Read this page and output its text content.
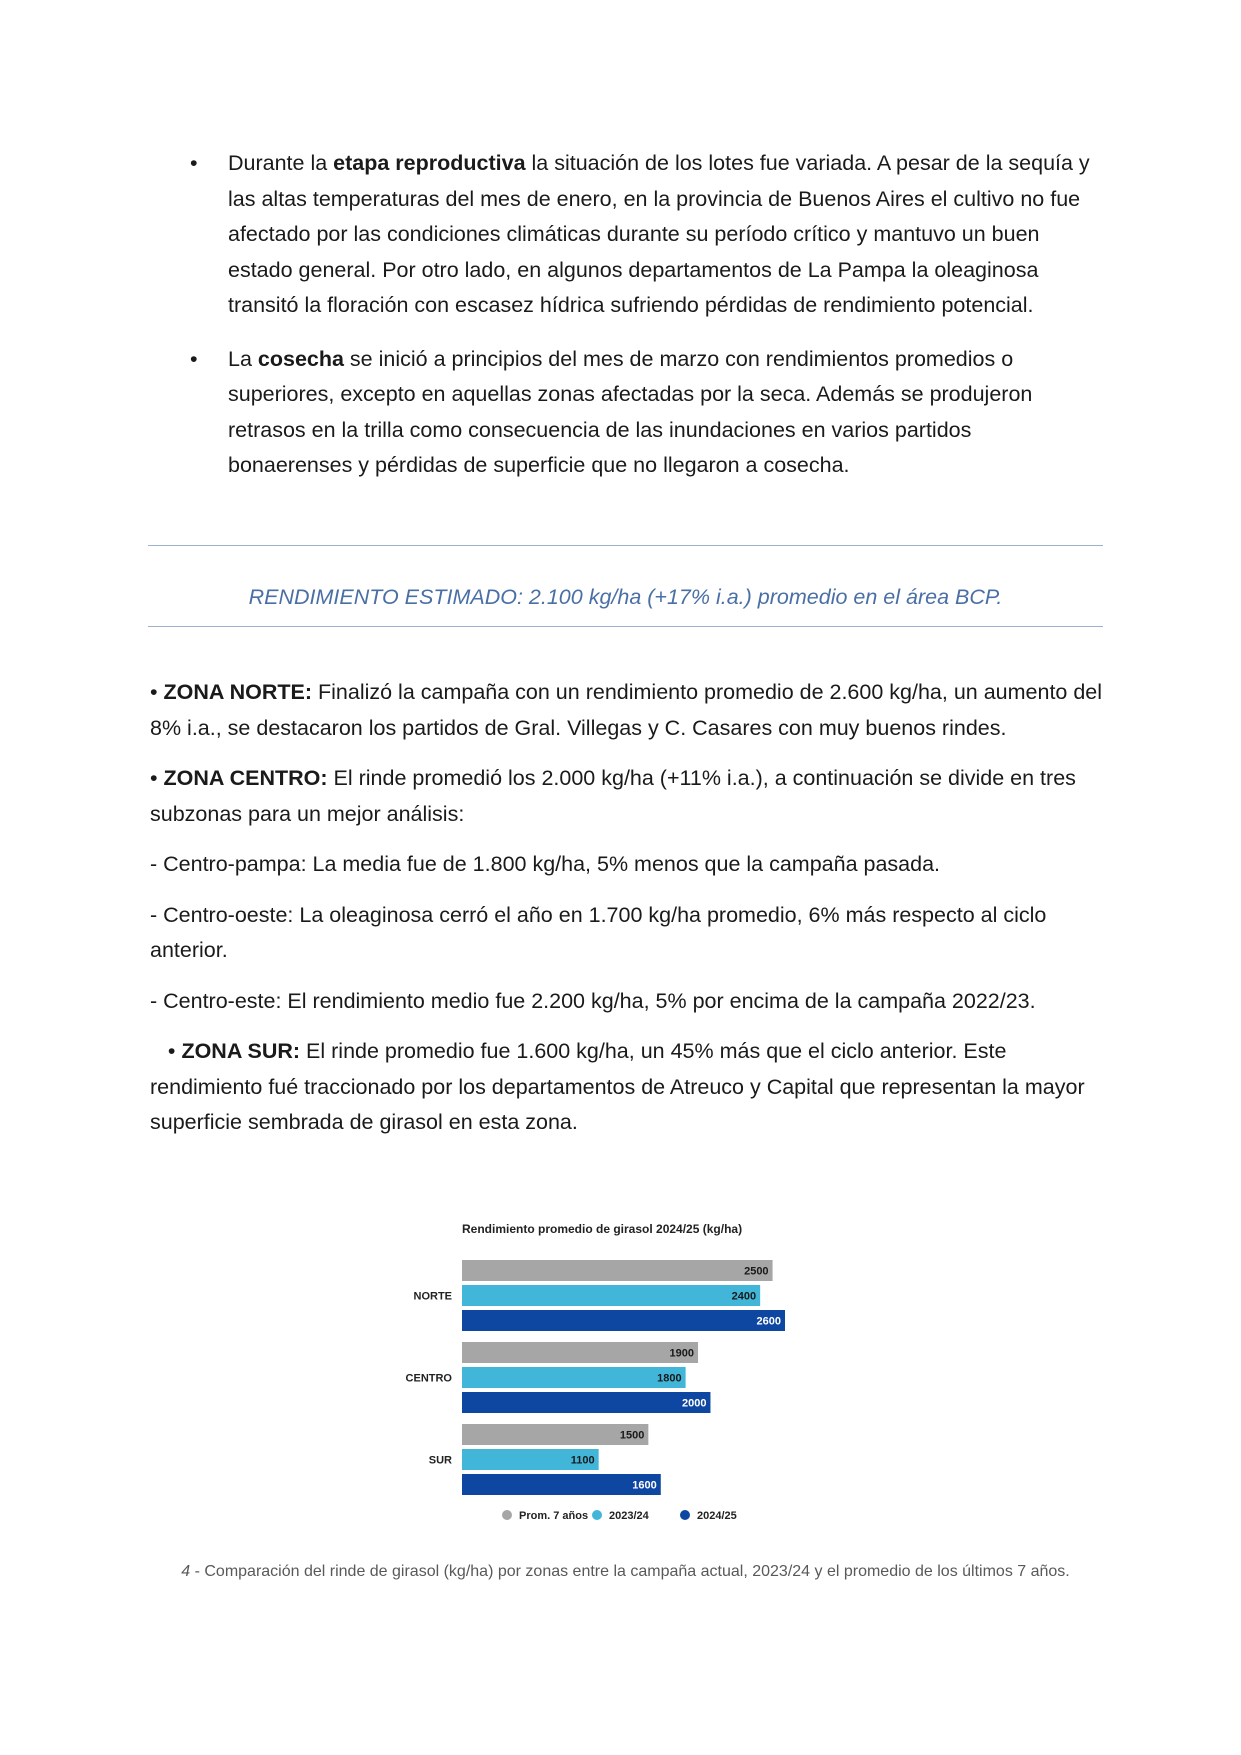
• Durante la etapa reproductiva la situación de los lotes fue variada. A pesar de la sequía y las altas temperaturas del mes de enero, en la provincia de Buenos Aires el cultivo no fue afectado por las condiciones climáticas durante su período crítico y mantuvo un buen estado general. Por otro lado, en algunos departamentos de La Pampa la oleaginosa transitó la floración con escasez hídrica sufriendo pérdidas de rendimiento potencial.
• La cosecha se inició a principios del mes de marzo con rendimientos promedios o superiores, excepto en aquellas zonas afectadas por la seca. Además se produjeron retrasos en la trilla como consecuencia de las inundaciones en varios partidos bonaerenses y pérdidas de superficie que no llegaron a cosecha.
RENDIMIENTO ESTIMADO: 2.100 kg/ha (+17% i.a.) promedio en el área BCP.

• ZONA NORTE: Finalizó la campaña con un rendimiento promedio de 2.600 kg/ha, un aumento del 8% i.a., se destacaron los partidos de Gral. Villegas y C. Casares con muy buenos rindes.

• ZONA CENTRO: El rinde promedió los 2.000 kg/ha (+11% i.a.), a continuación se divide en tres subzonas para un mejor análisis:

- Centro-pampa: La media fue de 1.800 kg/ha, 5% menos que la campaña pasada.

- Centro-oeste: La oleaginosa cerró el año en 1.700 kg/ha promedio, 6% más respecto al ciclo anterior.

- Centro-este: El rendimiento medio fue 2.200 kg/ha, 5% por encima de la campaña 2022/23.

• ZONA SUR: El rinde promedio fue 1.600 kg/ha, un 45% más que el ciclo anterior. Este rendimiento fué traccionado por los departamentos de Atreuco y Capital que representan la mayor superficie sembrada de girasol en esta zona.

Rendimiento promedio de girasol 2024/25 (kg/ha)
NORTE
2500
2400
2600
CENTRO
1900
1800
2000
SUR
1500
1100
1600
Prom. 7 años 2023/24	2024/25
4 - Comparación del rinde de girasol (kg/ha) por zonas entre la campaña actual, 2023/24 y el promedio de los últimos 7 años.
